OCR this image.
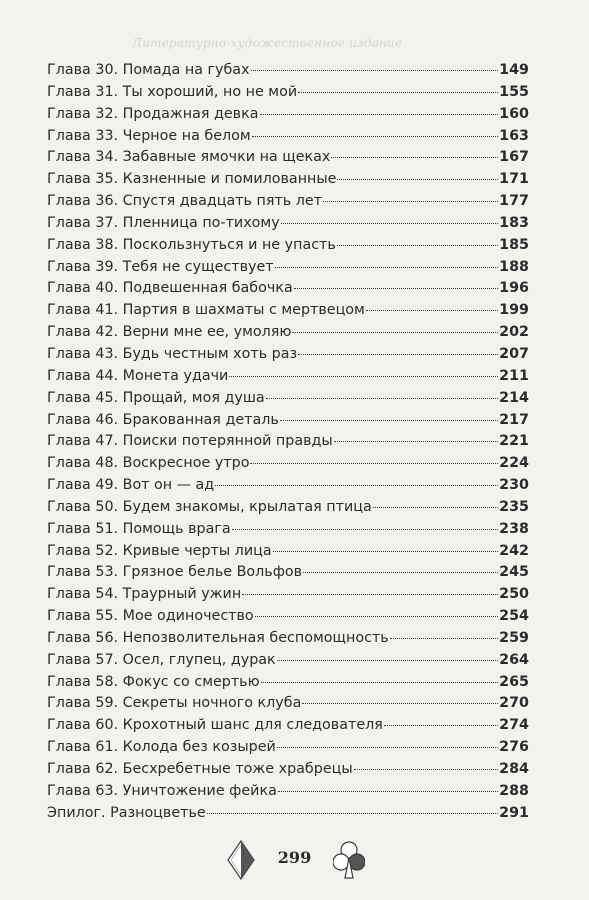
Литературно-художественное издание
Глава 30. Помада на губах	149
Глава 31. Ты хороший, но не мой	155
Глава 32. Продажная девка	160
Глава 33. Черное на белом	163
Глава 34. Забавные ямочки на щеках	167
Глава 35. Казненные и помилованные	171
Глава 36. Спустя двадцать пять лет	177
Глава 37. Пленница по-тихому	183
Глава 38. Поскользнуться и не упасть	185
Глава 39. Тебя не существует	188
Глава 40. Подвешенная бабочка	196
Глава 41. Партия в шахматы с мертвецом	199
Глава 42. Верни мне ее, умоляю	202
Глава 43. Будь честным хоть раз	207
Глава 44. Монета удачи	211
Глава 45. Прощай, моя душа	214
Глава 46. Бракованная деталь	217
Глава 47. Поиски потерянной правды	221
Глава 48. Воскресное утро	224
Глава 49. Вот он — ад	230
Глава 50. Будем знакомы, крылатая птица	235
Глава 51. Помощь врага	238
Глава 52. Кривые черты лица	242
Глава 53. Грязное белье Вольфов	245
Глава 54. Траурный ужин	250
Глава 55. Мое одиночество	254
Глава 56. Непозволительная беспомощность	259
Глава 57. Осел, глупец, дурак	264
Глава 58. Фокус со смертью	265
Глава 59. Секреты ночного клуба	270
Глава 60. Крохотный шанс для следователя	274
Глава 61. Колода без козырей	276
Глава 62. Бесхребетные тоже храбрецы	284
Глава 63. Уничтожение фейка	288
Эпилог. Разноцветье	291
299
